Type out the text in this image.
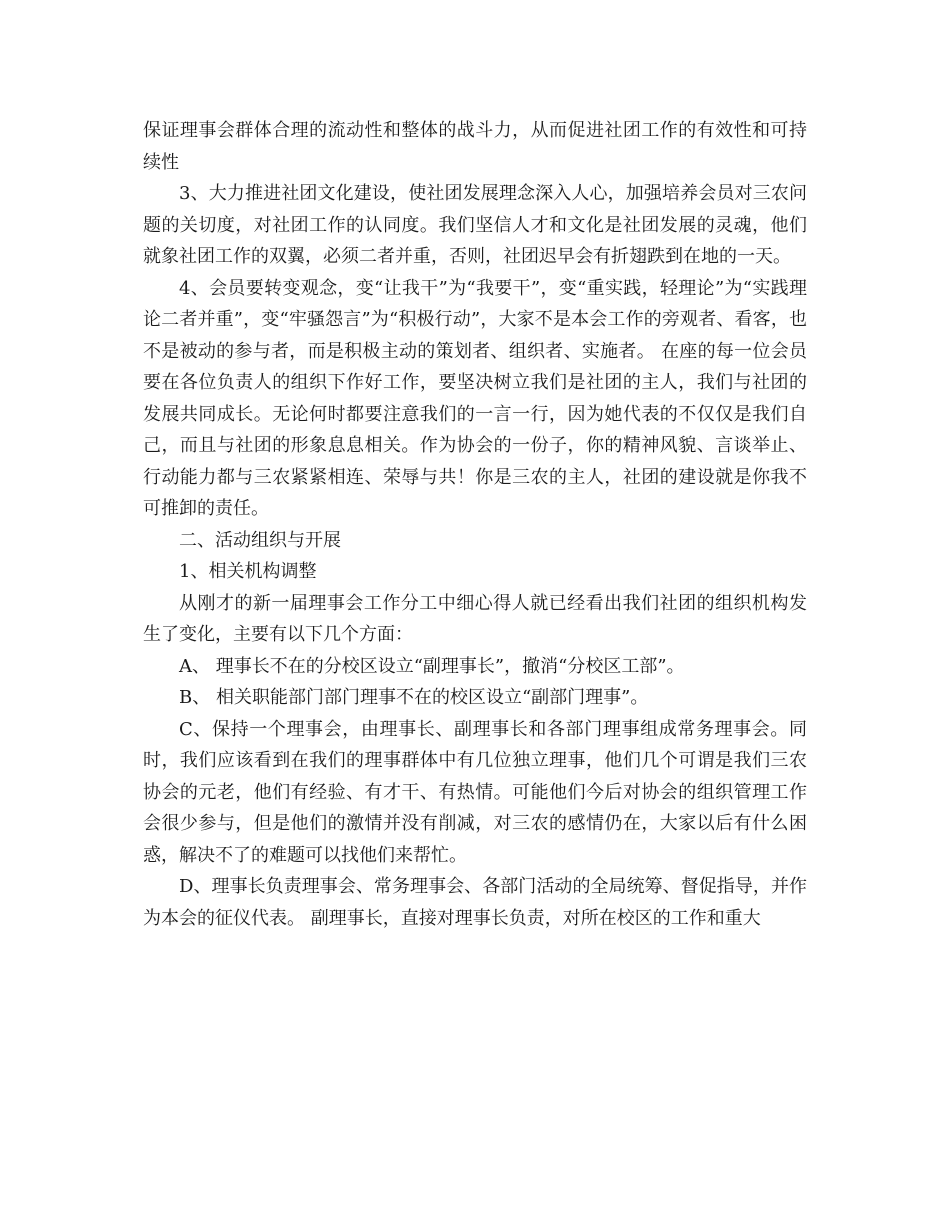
保证理事会群体合理的流动性和整体的战斗力，从而促进社团工作的有效性和可持续性

3、大力推进社团文化建设，使社团发展理念深入人心，加强培养会员对三农问题的关切度，对社团工作的认同度。我们坚信人才和文化是社团发展的灵魂，他们就象社团工作的双翼，必须二者并重，否则，社团迟早会有折翅跌到在地的一天。

4、会员要转变观念，变“让我干”为“我要干”，变“重实践，轻理论”为“实践理论二者并重”，变“牢骚怨言”为“积极行动”，大家不是本会工作的旁观者、看客，也不是被动的参与者，而是积极主动的策划者、组织者、实施者。 在座的每一位会员要在各位负责人的组织下作好工作，要坚决树立我们是社团的主人，我们与社团的发展共同成长。无论何时都要注意我们的一言一行，因为她代表的不仅仅是我们自己，而且与社团的形象息息相关。作为协会的一份子，你的精神风貌、言谈举止、行动能力都与三农紧紧相连、荣辱与共！你是三农的主人，社团的建设就是你我不可推卸的责任。

二、活动组织与开展

1、相关机构调整

从刚才的新一届理事会工作分工中细心得人就已经看出我们社团的组织机构发生了变化，主要有以下几个方面：

A、 理事长不在的分校区设立“副理事长”，撤消“分校区工部”。

B、 相关职能部门部门理事不在的校区设立“副部门理事”。

C、保持一个理事会，由理事长、副理事长和各部门理事组成常务理事会。同时，我们应该看到在我们的理事群体中有几位独立理事，他们几个可谓是我们三农协会的元老，他们有经验、有才干、有热情。可能他们今后对协会的组织管理工作会很少参与，但是他们的激情并没有削减，对三农的感情仍在，大家以后有什么困惑，解决不了的难题可以找他们来帮忙。

D、理事长负责理事会、常务理事会、各部门活动的全局统筹、督促指导，并作为本会的征仪代表。 副理事长，直接对理事长负责，对所在校区的工作和重大
